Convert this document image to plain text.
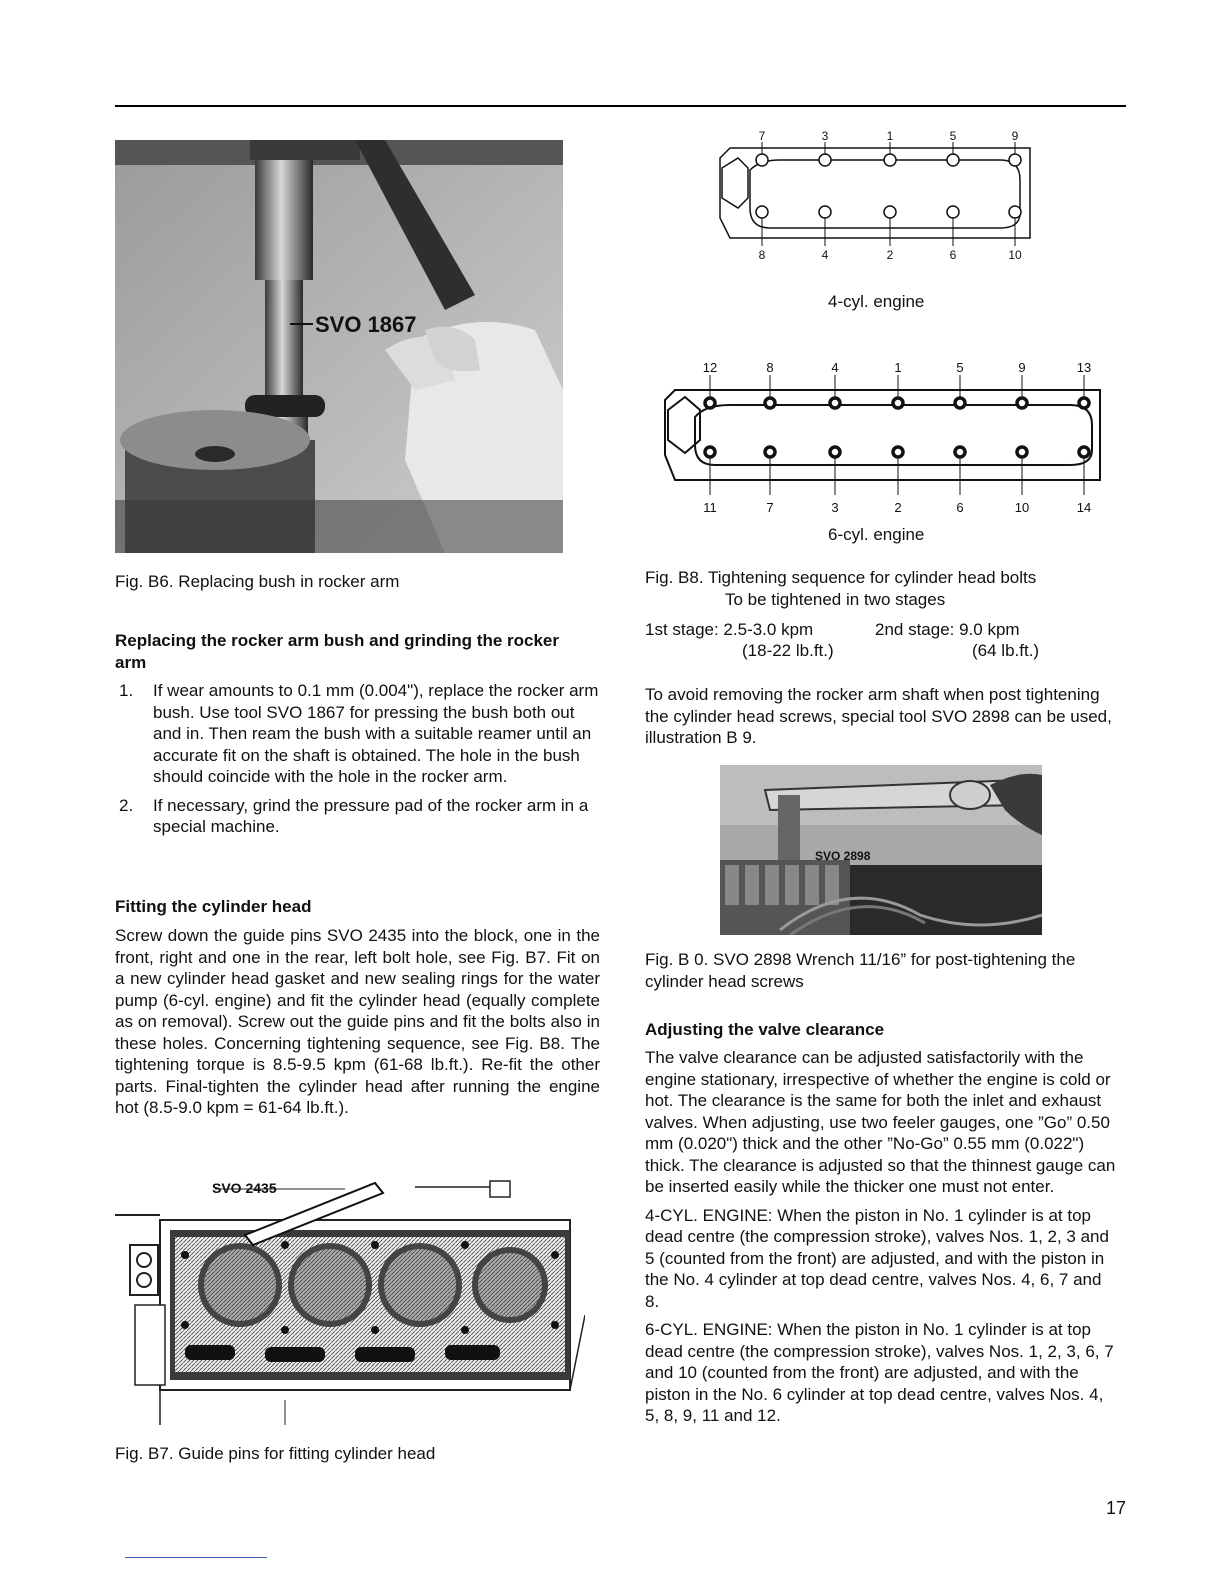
SVO 1867

Fig. B6. Replacing bush in rocker arm

Replacing the rocker arm bush and grinding the rocker arm
1. If wear amounts to 0.1 mm (0.004"), replace the rocker arm bush. Use tool SVO 1867 for pressing the bush both out and in. Then ream the bush with a suitable reamer until an accurate fit on the shaft is obtained. The hole in the bush should coincide with the hole in the rocker arm.
2. If necessary, grind the pressure pad of the rocker arm in a special machine.
Fitting the cylinder head

Screw down the guide pins SVO 2435 into the block, one in the front, right and one in the rear, left bolt hole, see Fig. B7. Fit on a new cylinder head gasket and new sealing rings for the water pump (6-cyl. engine) and fit the cylinder head (equally complete as on removal). Screw out the guide pins and fit the bolts also in these holes. Concerning tightening sequence, see Fig. B8. The tightening torque is 8.5-9.5 kpm (61-68 lb.ft.). Re-fit the other parts. Final-tighten the cylinder head after running the engine hot (8.5-9.0 kpm = 61-64 lb.ft.).

SVO 2435

Fig. B7. Guide pins for fitting cylinder head

7	3	1	5	9
8	4	2	6	10

4-cyl. engine

12	8	4	1	5	9	13
11	7	3	2	6	10	14

6-cyl. engine

Fig. B8. Tightening sequence for cylinder head bolts

To be tightened in two stages

1st stage: 2.5-3.0 kpm
(18-22 lb.ft.)
2nd stage: 9.0 kpm
(64 lb.ft.)

To avoid removing the rocker arm shaft when post tightening the cylinder head screws, special tool SVO 2898 can be used, illustration B 9.

SVO 2898

Fig. B 0. SVO 2898 Wrench 11/16” for post-tightening the cylinder head screws

Adjusting the valve clearance

The valve clearance can be adjusted satisfactorily with the engine stationary, irrespective of whether the engine is cold or hot. The clearance is the same for both the inlet and exhaust valves. When adjusting, use two feeler gauges, one ”Go” 0.50 mm (0.020") thick and the other ”No-Go” 0.55 mm (0.022") thick. The clearance is adjusted so that the thinnest gauge can be inserted easily while the thicker one must not enter.

4-CYL. ENGINE: When the piston in No. 1 cylinder is at top dead centre (the compression stroke), valves Nos. 1, 2, 3 and 5 (counted from the front) are adjusted, and with the piston in the No. 4 cylinder at top dead centre, valves Nos. 4, 6, 7 and 8.

6-CYL. ENGINE: When the piston in No. 1 cylinder is at top dead centre (the compression stroke), valves Nos. 1, 2, 3, 6, 7 and 10 (counted from the front) are adjusted, and with the piston in the No. 6 cylinder at top dead centre, valves Nos. 4, 5, 8, 9, 11 and 12.

17
